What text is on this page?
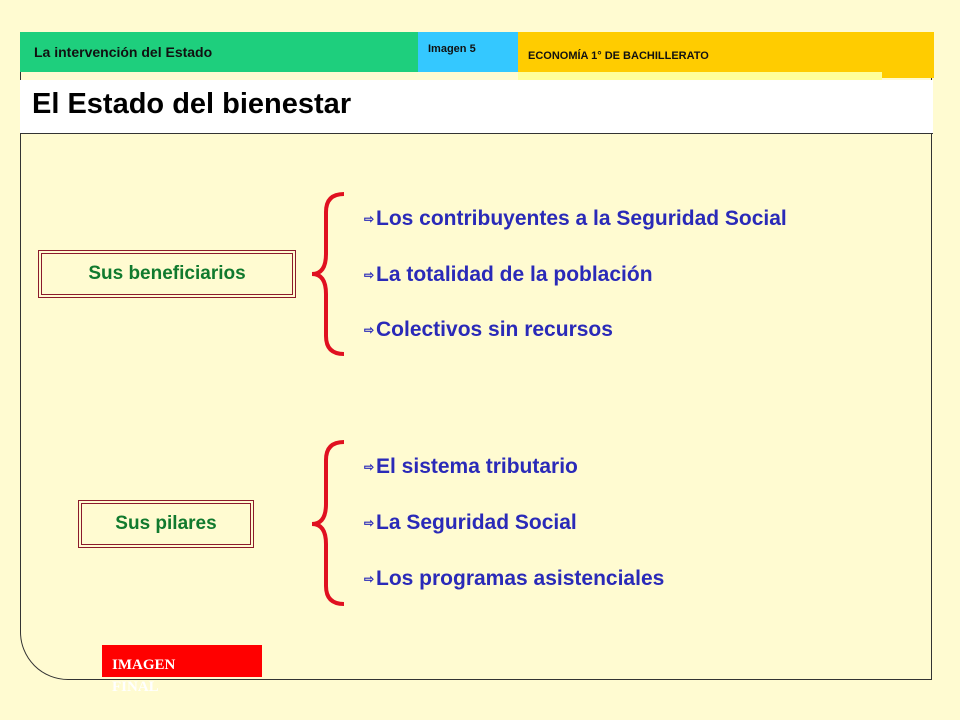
La intervención del Estado	Imagen 5
ECONOMÍA 1° DE BACHILLERATO
El Estado del bienestar
Sus beneficiarios
⇨Los contribuyentes a la Seguridad Social
⇨La totalidad de la población
⇨Colectivos sin recursos
Sus pilares
⇨El sistema tributario
⇨La Seguridad Social
⇨Los programas asistenciales
IMAGEN FINAL
